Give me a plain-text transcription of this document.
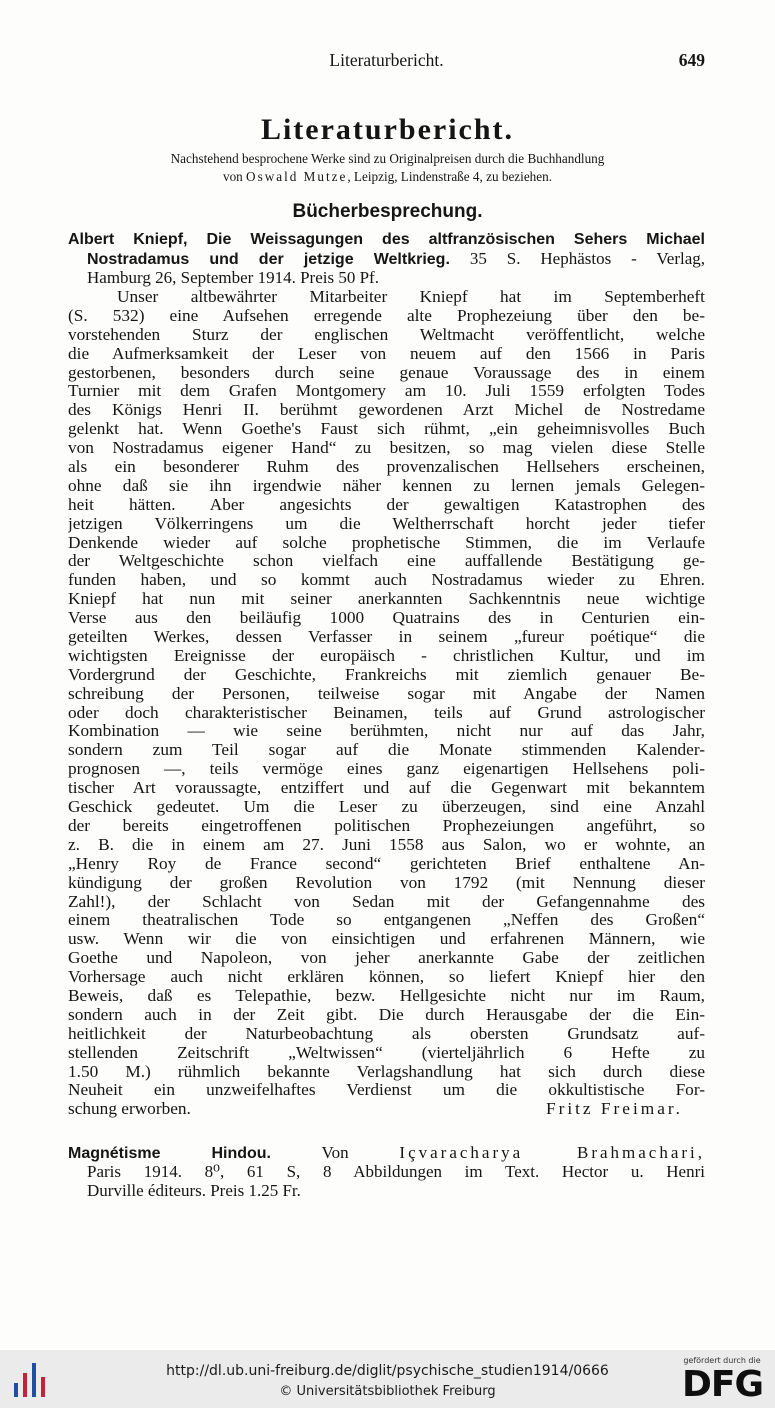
Literaturbericht.	649
Literaturbericht.
Nachstehend besprochene Werke sind zu Originalpreisen durch die Buchhandlung
von Oswald Mutze, Leipzig, Lindenstraße 4, zu beziehen.
Bücherbesprechung.
Albert Kniepf, Die Weissagungen des altfranzösischen Sehers Michael
Nostradamus und der jetzige Weltkrieg. 35 S. Hephästos - Verlag,
Hamburg 26, September 1914. Preis 50 Pf.
Unser altbewährter Mitarbeiter Kniepf hat im Septemberheft
(S. 532) eine Aufsehen erregende alte Prophezeiung über den be-
vorstehenden Sturz der englischen Weltmacht veröffentlicht, welche
die Aufmerksamkeit der Leser von neuem auf den 1566 in Paris
gestorbenen, besonders durch seine genaue Voraussage des in einem
Turnier mit dem Grafen Montgomery am 10. Juli 1559 erfolgten Todes
des Königs Henri II. berühmt gewordenen Arzt Michel de Nostredame
gelenkt hat. Wenn Goethe's Faust sich rühmt, „ein geheimnisvolles Buch
von Nostradamus eigener Hand“ zu besitzen, so mag vielen diese Stelle
als ein besonderer Ruhm des provenzalischen Hellsehers erscheinen,
ohne daß sie ihn irgendwie näher kennen zu lernen jemals Gelegen-
heit hätten. Aber angesichts der gewaltigen Katastrophen des
jetzigen Völkerringens um die Weltherrschaft horcht jeder tiefer
Denkende wieder auf solche prophetische Stimmen, die im Verlaufe
der Weltgeschichte schon vielfach eine auffallende Bestätigung ge-
funden haben, und so kommt auch Nostradamus wieder zu Ehren.
Kniepf hat nun mit seiner anerkannten Sachkenntnis neue wichtige
Verse aus den beiläufig 1000 Quatrains des in Centurien ein-
geteilten Werkes, dessen Verfasser in seinem „fureur poétique“ die
wichtigsten Ereignisse der europäisch - christlichen Kultur, und im
Vordergrund der Geschichte, Frankreichs mit ziemlich genauer Be-
schreibung der Personen, teilweise sogar mit Angabe der Namen
oder doch charakteristischer Beinamen, teils auf Grund astrologischer
Kombination — wie seine berühmten, nicht nur auf das Jahr,
sondern zum Teil sogar auf die Monate stimmenden Kalender-
prognosen —, teils vermöge eines ganz eigenartigen Hellsehens poli-
tischer Art voraussagte, entziffert und auf die Gegenwart mit bekanntem
Geschick gedeutet. Um die Leser zu überzeugen, sind eine Anzahl
der bereits eingetroffenen politischen Prophezeiungen angeführt, so
z. B. die in einem am 27. Juni 1558 aus Salon, wo er wohnte, an
„Henry Roy de France second“ gerichteten Brief enthaltene An-
kündigung der großen Revolution von 1792 (mit Nennung dieser
Zahl!), der Schlacht von Sedan mit der Gefangennahme des
einem theatralischen Tode so entgangenen „Neffen des Großen“
usw. Wenn wir die von einsichtigen und erfahrenen Männern, wie
Goethe und Napoleon, von jeher anerkannte Gabe der zeitlichen
Vorhersage auch nicht erklären können, so liefert Kniepf hier den
Beweis, daß es Telepathie, bezw. Hellgesichte nicht nur im Raum,
sondern auch in der Zeit gibt. Die durch Herausgabe der die Ein-
heitlichkeit der Naturbeobachtung als obersten Grundsatz auf-
stellenden Zeitschrift „Weltwissen“ (vierteljährlich 6 Hefte zu
1.50 M.) rühmlich bekannte Verlagshandlung hat sich durch diese
Neuheit ein unzweifelhaftes Verdienst um die okkultistische For-
schung erworben.	Fritz Freimar.
Magnétisme Hindou.	Von	Içvaracharya Brahmachari,
Paris 1914. 8⁰, 61 S, 8 Abbildungen im Text. Hector u. Henri
Durville éditeurs. Preis 1.25 Fr.
http://dl.ub.uni-freiburg.de/diglit/psychische_studien1914/0666
© Universitätsbibliothek Freiburg
gefördert durch die
DFG
